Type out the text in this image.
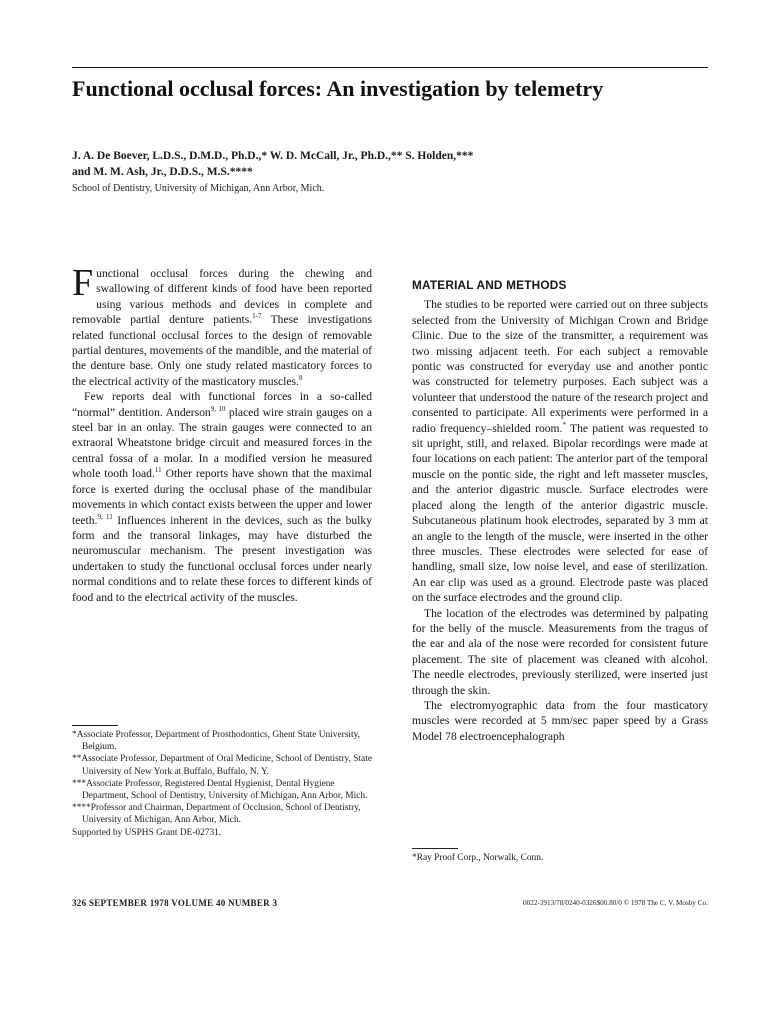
Functional occlusal forces: An investigation by telemetry
J. A. De Boever, L.D.S., D.M.D., Ph.D.,* W. D. McCall, Jr., Ph.D.,** S. Holden,***
and M. M. Ash, Jr., D.D.S., M.S.****
School of Dentistry, University of Michigan, Ann Arbor, Mich.

Functional occlusal forces during the chewing and swallowing of different kinds of food have been reported using various methods and devices in complete and removable partial denture patients.$^{1-7}$ These investigations related functional occlusal forces to the design of removable partial dentures, movements of the mandible, and the material of the denture base. Only one study related masticatory forces to the electrical activity of the masticatory muscles.$^8$

Few reports deal with functional forces in a so-called “normal” dentition. Anderson$^{9, 10}$ placed wire strain gauges on a steel bar in an onlay. The strain gauges were connected to an extraoral Wheatstone bridge circuit and measured forces in the central fossa of a molar. In a modified version he measured whole tooth load.$^{11}$ Other reports have shown that the maximal force is exerted during the occlusal phase of the mandibular movements in which contact exists between the upper and lower teeth.$^{9, 11}$ Influences inherent in the devices, such as the bulky form and the transoral linkages, may have disturbed the neuromuscular mechanism. The present investigation was undertaken to study the functional occlusal forces under nearly normal conditions and to relate these forces to different kinds of food and to the electrical activity of the muscles.

*Associate Professor, Department of Prosthodontics, Ghent State University, Belgium.

**Associate Professor, Department of Oral Medicine, School of Dentistry, State University of New York at Buffalo, Buffalo, N. Y.

***Associate Professor, Registered Dental Hygienist, Dental Hygiene Department, School of Dentistry, University of Michigan, Ann Arbor, Mich.

****Professor and Chairman, Department of Occlusion, School of Dentistry, University of Michigan, Ann Arbor, Mich.

Supported by USPHS Grant DE-02731.

MATERIAL AND METHODS

The studies to be reported were carried out on three subjects selected from the University of Michigan Crown and Bridge Clinic. Due to the size of the transmitter, a requirement was two missing adjacent teeth. For each subject a removable pontic was constructed for everyday use and another pontic was constructed for telemetry purposes. Each subject was a volunteer that understood the nature of the research project and consented to participate. All experiments were performed in a radio frequency–shielded room.* The patient was requested to sit upright, still, and relaxed. Bipolar recordings were made at four locations on each patient: The anterior part of the temporal muscle on the pontic side, the right and left masseter muscles, and the anterior digastric muscle. Surface electrodes were placed along the length of the anterior digastric muscle. Subcutaneous platinum hook electrodes, separated by 3 mm at an angle to the length of the muscle, were inserted in the other three muscles. These electrodes were selected for ease of handling, small size, low noise level, and ease of sterilization. An ear clip was used as a ground. Electrode paste was placed on the surface electrodes and the ground clip.

The location of the electrodes was determined by palpating for the belly of the muscle. Measurements from the tragus of the ear and ala of the nose were recorded for consistent future placement. The site of placement was cleaned with alcohol. The needle electrodes, previously sterilized, were inserted just through the skin.

The electromyographic data from the four masticatory muscles were recorded at 5 mm/sec paper speed by a Grass Model 78 electroencephalograph

*Ray Proof Corp., Norwalk, Conn.

326 SEPTEMBER 1978 VOLUME 40 NUMBER 3	0022-3913/78/0240-0326$00.80/0 © 1978 The C. V. Mosby Co.
